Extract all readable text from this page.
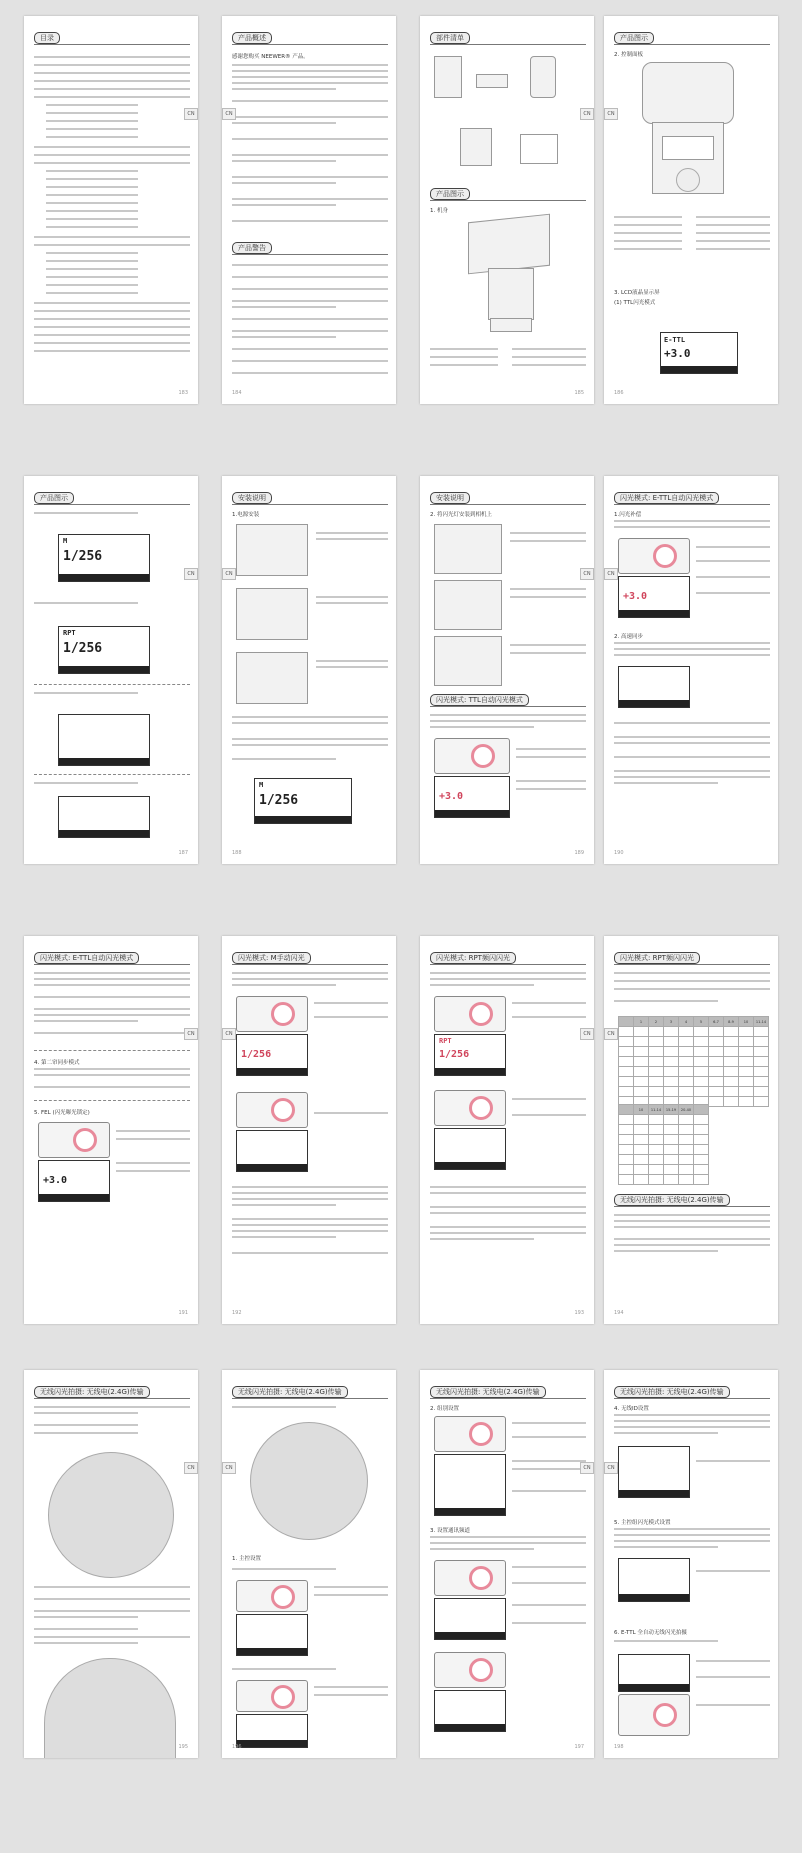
目录
CN
183
产品概述
感谢您购买 NEEWER® 产品。
产品警告
CN
184
部件清单
产品图示
1. 机身
CN
185
产品图示
2. 控制面板
3. LCD液晶显示屏
(1) TTL闪光模式
E-TTL
+3.0
CN
186
产品图示
M
1/256
RPT
1/256
CN
187
安装说明
1.电源安装
M
1/256
CN
188
安装说明
2. 将闪光灯安装到相机上
闪光模式: TTL自动闪光模式
+3.0
CN
189
闪光模式: E-TTL自动闪光模式
1.闪光补偿
+3.0
2. 高速同步
CN
190
闪光模式: E-TTL自动闪光模式
4. 第二帘同步模式
5. FEL (闪光曝光锁定)
+3.0
CN
191
闪光模式: M手动闪光
1/256
CN
192
闪光模式: RPT频闪闪光
RPT
1/256
CN
193
闪光模式: RPT频闪闪光
	1	2	3	4	5	6-7	8-9	10	11-14

	10	11-14	15-19	20-40	

无线闪光拍摄: 无线电(2.4G)传输
CN
194
无线闪光拍摄: 无线电(2.4G)传输
CN
195
无线闪光拍摄: 无线电(2.4G)传输
1. 主控设置
CN
196
无线闪光拍摄: 无线电(2.4G)传输
2. 组别设置
3. 设置通讯频道
CN
197
无线闪光拍摄: 无线电(2.4G)传输
4. 无线ID设置
5. 主控组闪光模式设置
6. E-TTL 全自动无线闪光拍摄
CN
198
